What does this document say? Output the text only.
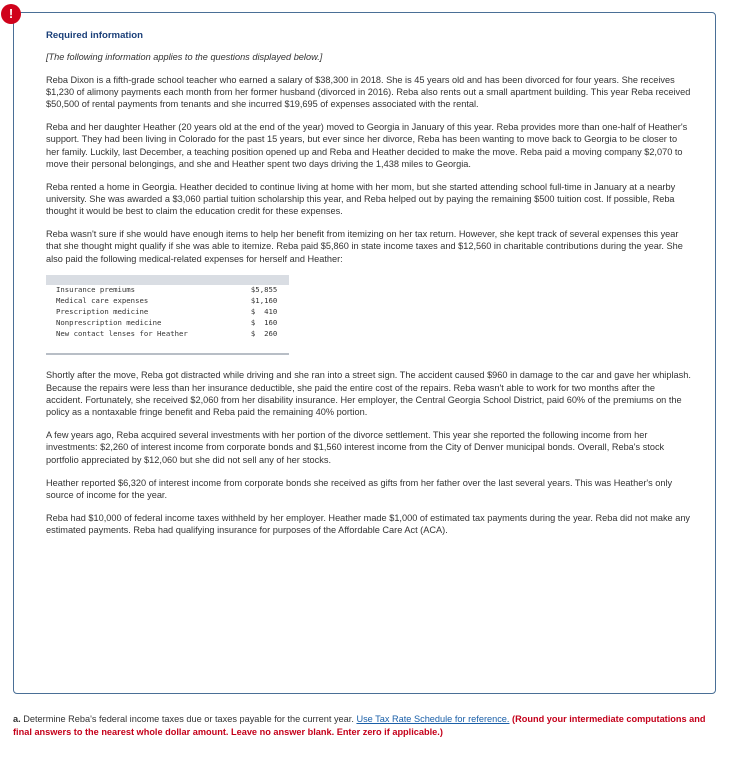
!
Required information
[The following information applies to the questions displayed below.]

Reba Dixon is a fifth-grade school teacher who earned a salary of $38,300 in 2018. She is 45 years old and has been divorced for four years. She receives $1,230 of alimony payments each month from her former husband (divorced in 2016). Reba also rents out a small apartment building. This year Reba received $50,500 of rental payments from tenants and she incurred $19,695 of expenses associated with the rental.

Reba and her daughter Heather (20 years old at the end of the year) moved to Georgia in January of this year. Reba provides more than one-half of Heather's support. They had been living in Colorado for the past 15 years, but ever since her divorce, Reba has been wanting to move back to Georgia to be closer to her family. Luckily, last December, a teaching position opened up and Reba and Heather decided to make the move. Reba paid a moving company $2,070 to move their personal belongings, and she and Heather spent two days driving the 1,438 miles to Georgia.

Reba rented a home in Georgia. Heather decided to continue living at home with her mom, but she started attending school full-time in January at a nearby university. She was awarded a $3,060 partial tuition scholarship this year, and Reba helped out by paying the remaining $500 tuition cost. If possible, Reba thought it would be best to claim the education credit for these expenses.

Reba wasn't sure if she would have enough items to help her benefit from itemizing on her tax return. However, she kept track of several expenses this year that she thought might qualify if she was able to itemize. Reba paid $5,860 in state income taxes and $12,560 in charitable contributions during the year. She also paid the following medical-related expenses for herself and Heather:

Insurance premiums	$5,855
Medical care expenses	$1,160
Prescription medicine	$  410
Nonprescription medicine	$  160
New contact lenses for Heather	$  260

Shortly after the move, Reba got distracted while driving and she ran into a street sign. The accident caused $960 in damage to the car and gave her whiplash. Because the repairs were less than her insurance deductible, she paid the entire cost of the repairs. Reba wasn't able to work for two months after the accident. Fortunately, she received $2,060 from her disability insurance. Her employer, the Central Georgia School District, paid 60% of the premiums on the policy as a nontaxable fringe benefit and Reba paid the remaining 40% portion.

A few years ago, Reba acquired several investments with her portion of the divorce settlement. This year she reported the following income from her investments: $2,260 of interest income from corporate bonds and $1,560 interest income from the City of Denver municipal bonds. Overall, Reba's stock portfolio appreciated by $12,060 but she did not sell any of her stocks.

Heather reported $6,320 of interest income from corporate bonds she received as gifts from her father over the last several years. This was Heather's only source of income for the year.

Reba had $10,000 of federal income taxes withheld by her employer. Heather made $1,000 of estimated tax payments during the year. Reba did not make any estimated payments. Reba had qualifying insurance for purposes of the Affordable Care Act (ACA).

a. Determine Reba's federal income taxes due or taxes payable for the current year. Use Tax Rate Schedule for reference. (Round your intermediate computations and final answers to the nearest whole dollar amount. Leave no answer blank. Enter zero if applicable.)
